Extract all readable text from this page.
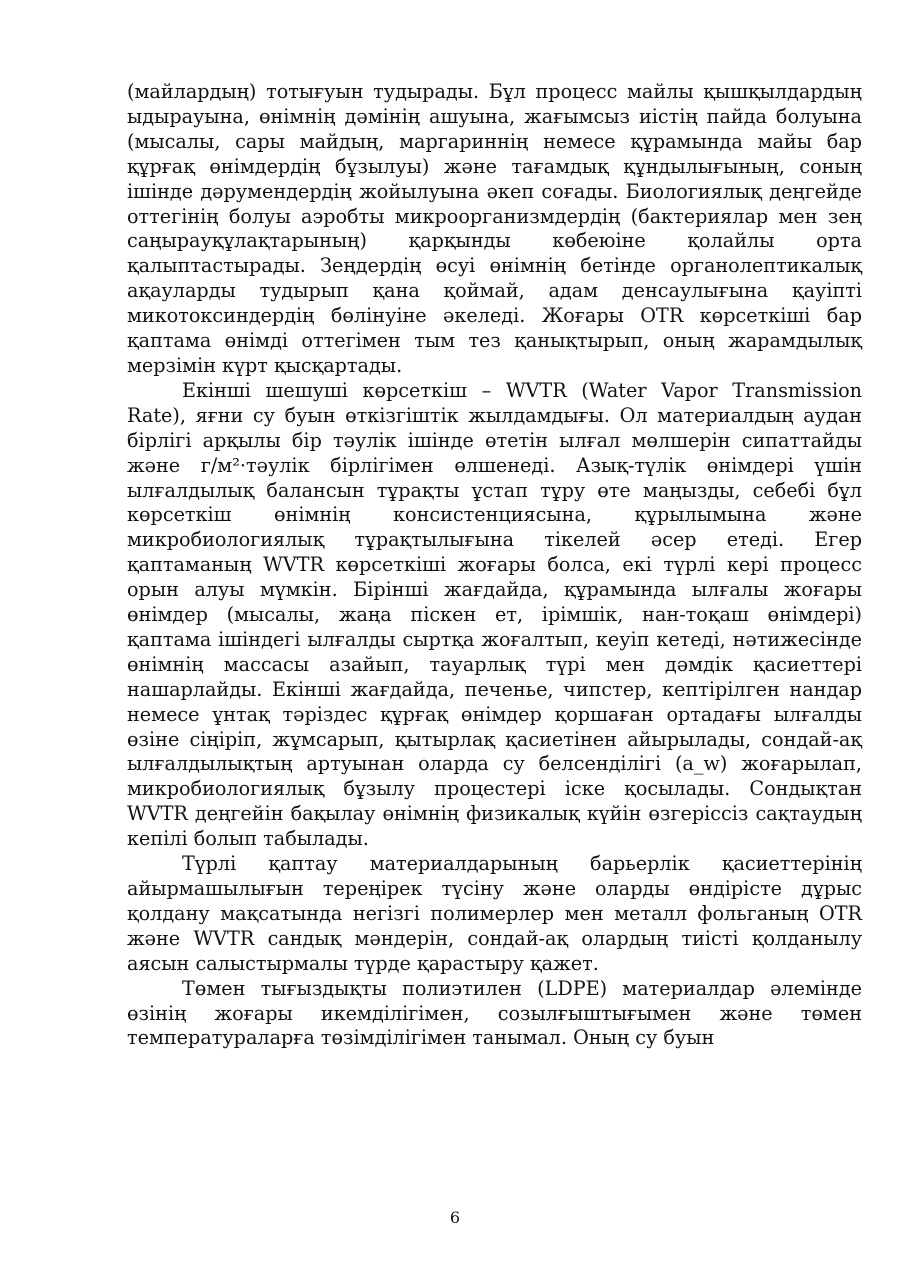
(майлардың) тотығуын тудырады. Бұл процесс майлы қышқылдардың ыдырауына, өнімнің дәмінің ашуына, жағымсыз иістің пайда болуына (мысалы, сары майдың, маргариннің немесе құрамында майы бар құрғақ өнімдердің бұзылуы) және тағамдық құндылығының, соның ішінде дәрумендердің жойылуына әкеп соғады. Биологиялық деңгейде оттегінің болуы аэробты микроорганизмдердің (бактериялар мен зең саңырауқұлақтарының) қарқынды көбеюіне қолайлы орта қалыптастырады. Зеңдердің өсуі өнімнің бетінде органолептикалық ақауларды тудырып қана қоймай, адам денсаулығына қауіпті микотоксиндердің бөлінуіне әкеледі. Жоғары OTR көрсеткіші бар қаптама өнімді оттегімен тым тез қанықтырып, оның жарамдылық мерзімін күрт қысқартады.

Екінші шешуші көрсеткіш – WVTR (Water Vapor Transmission Rate), яғни су буын өткізгіштік жылдамдығы. Ол материалдың аудан бірлігі арқылы бір тәулік ішінде өтетін ылғал мөлшерін сипаттайды және г/м²·тәулік бірлігімен өлшенеді. Азық-түлік өнімдері үшін ылғалдылық балансын тұрақты ұстап тұру өте маңызды, себебі бұл көрсеткіш өнімнің консистенциясына, құрылымына және микробиологиялық тұрақтылығына тікелей әсер етеді. Егер қаптаманың WVTR көрсеткіші жоғары болса, екі түрлі кері процесс орын алуы мүмкін. Бірінші жағдайда, құрамында ылғалы жоғары өнімдер (мысалы, жаңа піскен ет, ірімшік, нан-тоқаш өнімдері) қаптама ішіндегі ылғалды сыртқа жоғалтып, кеуіп кетеді, нәтижесінде өнімнің массасы азайып, тауарлық түрі мен дәмдік қасиеттері нашарлайды. Екінші жағдайда, печенье, чипстер, кептірілген нандар немесе ұнтақ тәріздес құрғақ өнімдер қоршаған ортадағы ылғалды өзіне сіңіріп, жұмсарып, қытырлақ қасиетінен айырылады, сондай-ақ ылғалдылықтың артуынан оларда су белсенділігі (a_w) жоғарылап, микробиологиялық бұзылу процестері іске қосылады. Сондықтан WVTR деңгейін бақылау өнімнің физикалық күйін өзгеріссіз сақтаудың кепілі болып табылады.

Түрлі қаптау материалдарының барьерлік қасиеттерінің айырмашылығын тереңірек түсіну және оларды өндірісте дұрыс қолдану мақсатында негізгі полимерлер мен металл фольганың OTR және WVTR сандық мәндерін, сондай-ақ олардың тиісті қолданылу аясын салыстырмалы түрде қарастыру қажет.

Төмен тығыздықты полиэтилен (LDPE) материалдар әлемінде өзінің жоғары икемділігімен, созылғыштығымен және төмен температураларға төзімділігімен танымал. Оның су буын

6
